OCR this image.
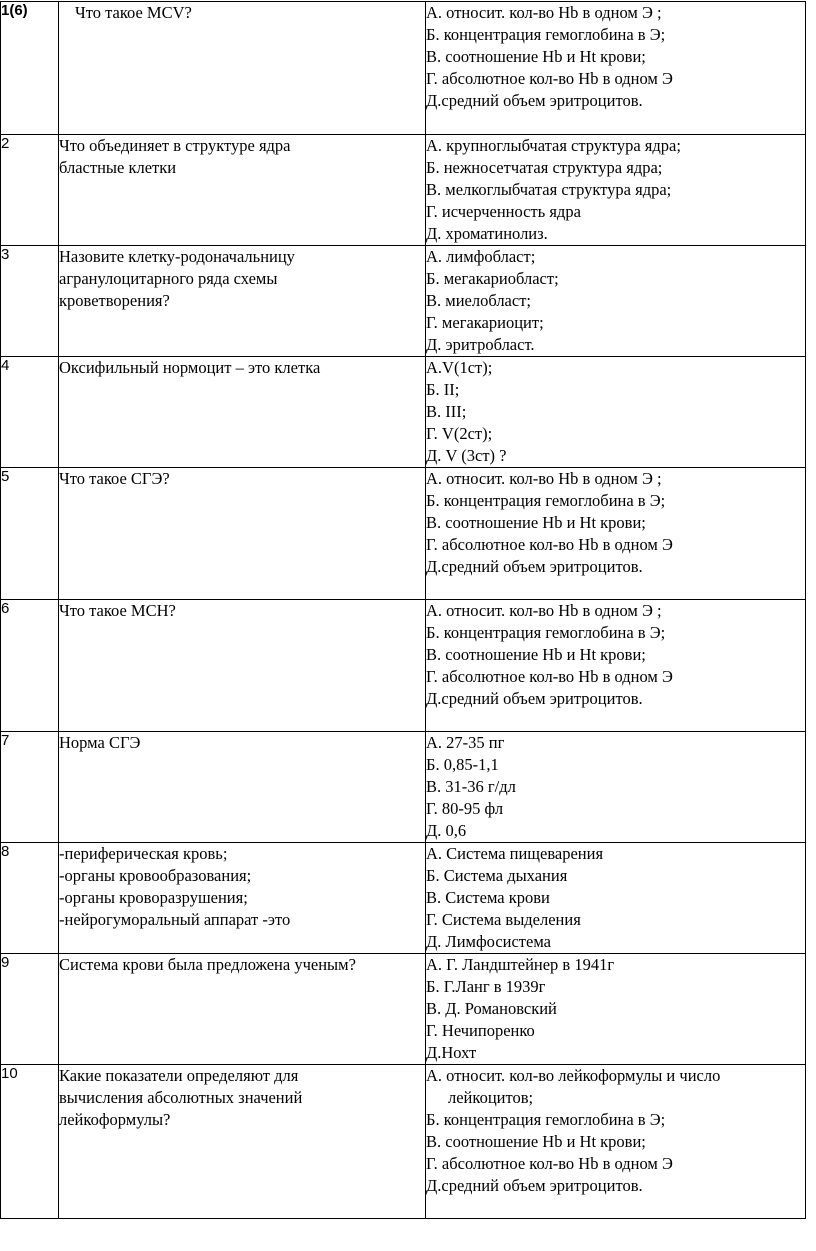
1(6)	Что такое MCV?	А. относит. кол-во Hb в одном Э ;
Б. концентрация гемоглобина в Э;
В. соотношение Hb и Ht крови;
Г. абсолютное кол-во Hb в одном Э
Д.средний объем эритроцитов.

2	Что объединяет в структуре ядра
бластные клетки	А. крупноглыбчатая структура ядра;
Б. нежносетчатая структура ядра;
В. мелкоглыбчатая структура ядра;
Г. исчерченность ядра
Д. хроматинолиз.

3	Назовите клетку-родоначальницу
агранулоцитарного ряда схемы
кроветворения?	А. лимфобласт;
Б. мегакариобласт;
В. миелобласт;
Г. мегакариоцит;
Д. эритробласт.

4	Оксифильный нормоцит – это клетка	А.V(1ст);
Б. II;
В. III;
Г. V(2ст);
Д. V (3ст) ?

5	Что такое СГЭ?	А. относит. кол-во Hb в одном Э ;
Б. концентрация гемоглобина в Э;
В. соотношение Hb и Ht крови;
Г. абсолютное кол-во Hb в одном Э
Д.средний объем эритроцитов.

6	Что такое МСН?	А. относит. кол-во Hb в одном Э ;
Б. концентрация гемоглобина в Э;
В. соотношение Hb и Ht крови;
Г. абсолютное кол-во Hb в одном Э
Д.средний объем эритроцитов.

7	Норма СГЭ	А. 27-35 пг
Б. 0,85-1,1
В. 31-36 г/дл
Г. 80-95 фл
Д. 0,6

8	-периферическая кровь;
-органы кровообразования;
-органы крoворазрушения;
-нейрогуморальный аппарат -это	А. Система пищеварения
Б. Система дыхания
В. Система крови
Г. Система выделения
Д. Лимфосистема

9	Система крови была предложена ученым?	А. Г. Ландштейнер в 1941г
Б. Г.Ланг в 1939г
В. Д. Романовский
Г. Нечипоренко
Д.Нохт

10	Какие показатели определяют для
вычисления абсолютных значений
лейкоформулы?	А. относит. кол-во лейкоформулы и число лейкоцитов;
Б. концентрация гемоглобина в Э;
В. соотношение Hb и Ht крови;
Г. абсолютное кол-во Hb в одном Э
Д.средний объем эритроцитов.
